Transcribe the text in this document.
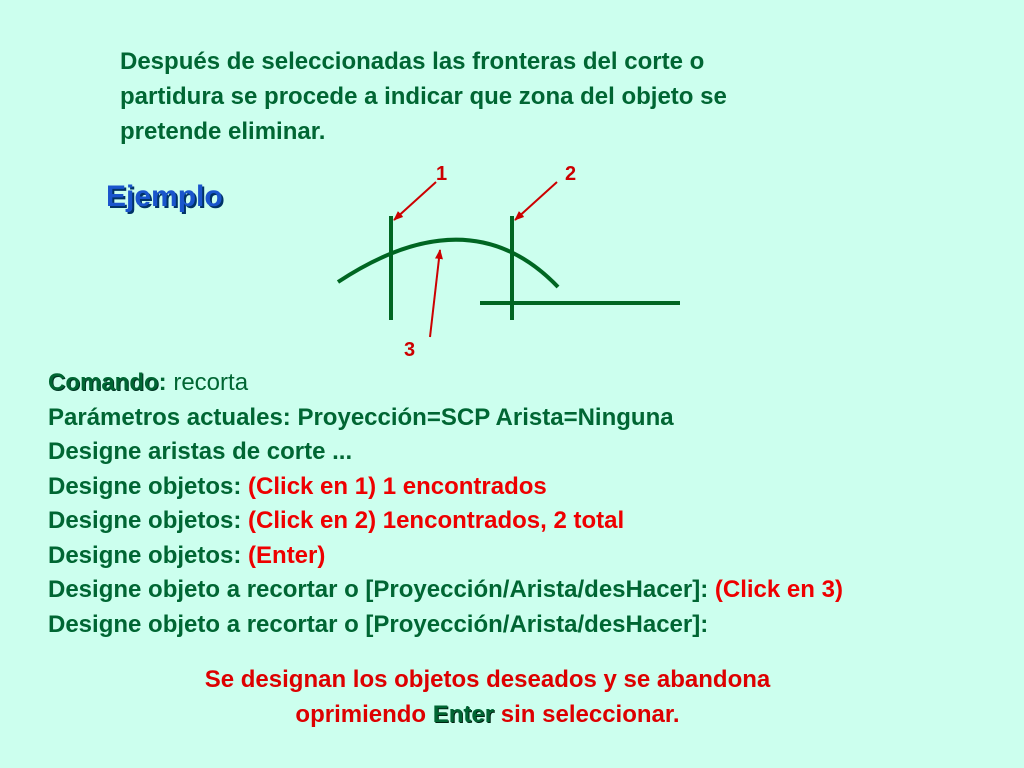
Después de seleccionadas las fronteras del corte o
partidura se procede a indicar que zona del objeto se
pretende eliminar.
Ejemplo
1	2
3
Comando: recorta
Parámetros actuales: Proyección=SCP Arista=Ninguna
Designe aristas de corte ...
Designe objetos: (Click en 1) 1 encontrados
Designe objetos: (Click en 2) 1encontrados, 2 total
Designe objetos: (Enter)
Designe objeto a recortar o [Proyección/Arista/desHacer]: (Click en 3)
Designe objeto a recortar o [Proyección/Arista/desHacer]:
Se designan los objetos deseados y se abandona
oprimiendo Enter sin seleccionar.
